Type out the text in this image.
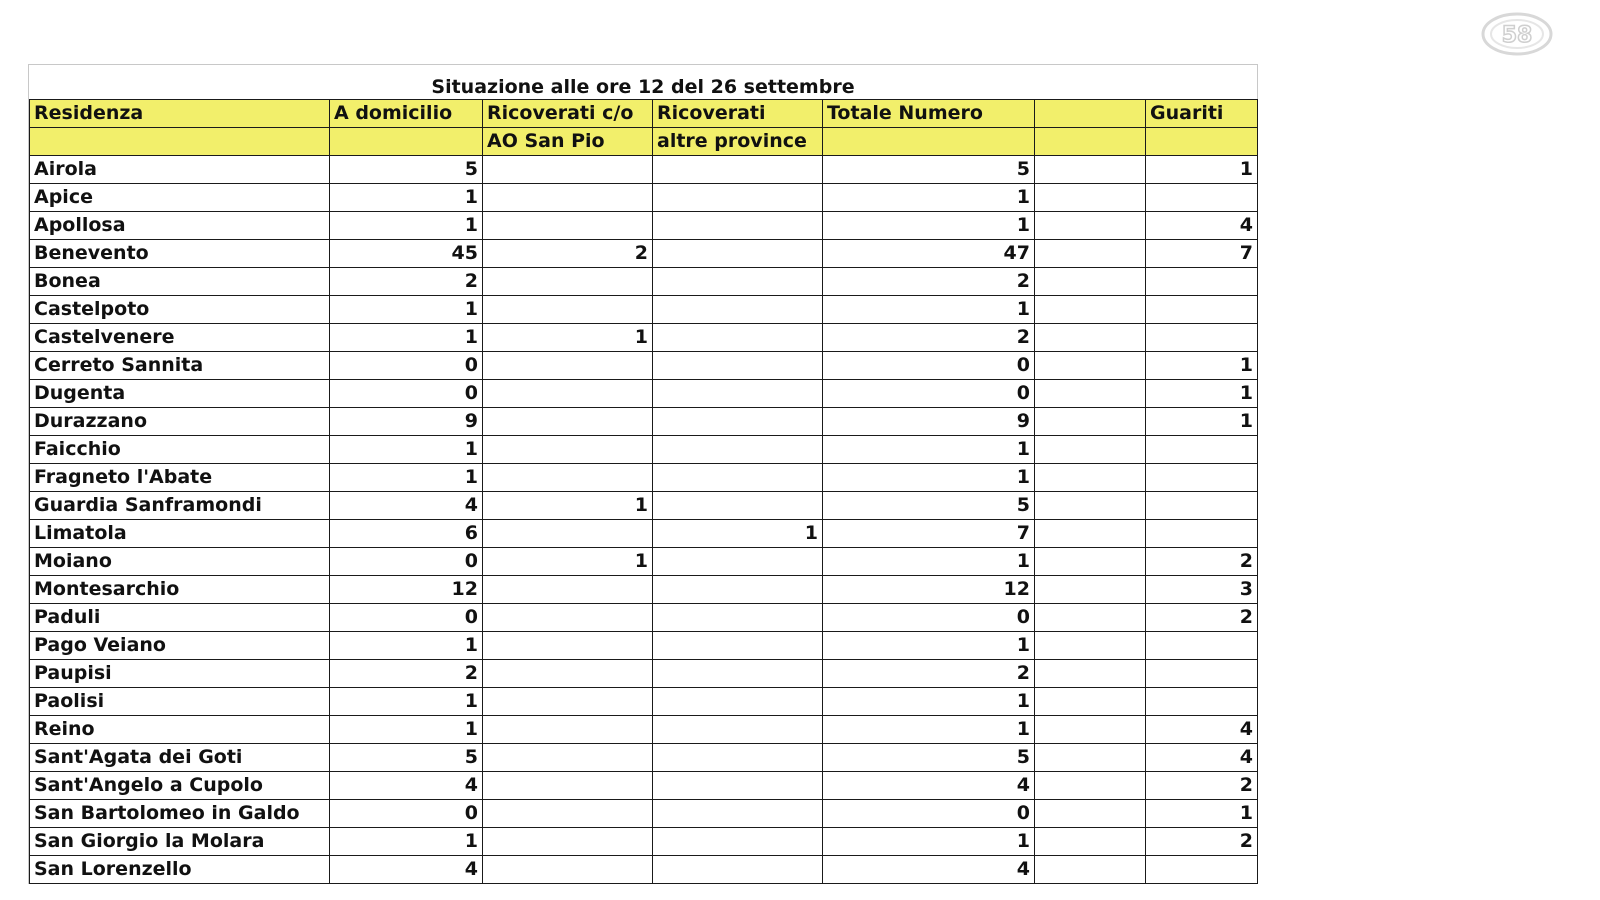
58
Situazione alle ore 12 del 26 settembre
Residenza	A domicilio	Ricoverati c/o	Ricoverati	Totale Numero		Guariti
		AO San Pio	altre province			
Airola	5			5		1
Apice	1			1		
Apollosa	1			1		4
Benevento	45	2		47		7
Bonea	2			2		
Castelpoto	1			1		
Castelvenere	1	1		2		
Cerreto Sannita	0			0		1
Dugenta	0			0		1
Durazzano	9			9		1
Faicchio	1			1		
Fragneto l'Abate	1			1		
Guardia Sanframondi	4	1		5		
Limatola	6		1	7		
Moiano	0	1		1		2
Montesarchio	12			12		3
Paduli	0			0		2
Pago Veiano	1			1		
Paupisi	2			2		
Paolisi	1			1		
Reino	1			1		4
Sant'Agata dei Goti	5			5		4
Sant'Angelo a Cupolo	4			4		2
San Bartolomeo in Galdo	0			0		1
San Giorgio la Molara	1			1		2
San Lorenzello	4			4		
